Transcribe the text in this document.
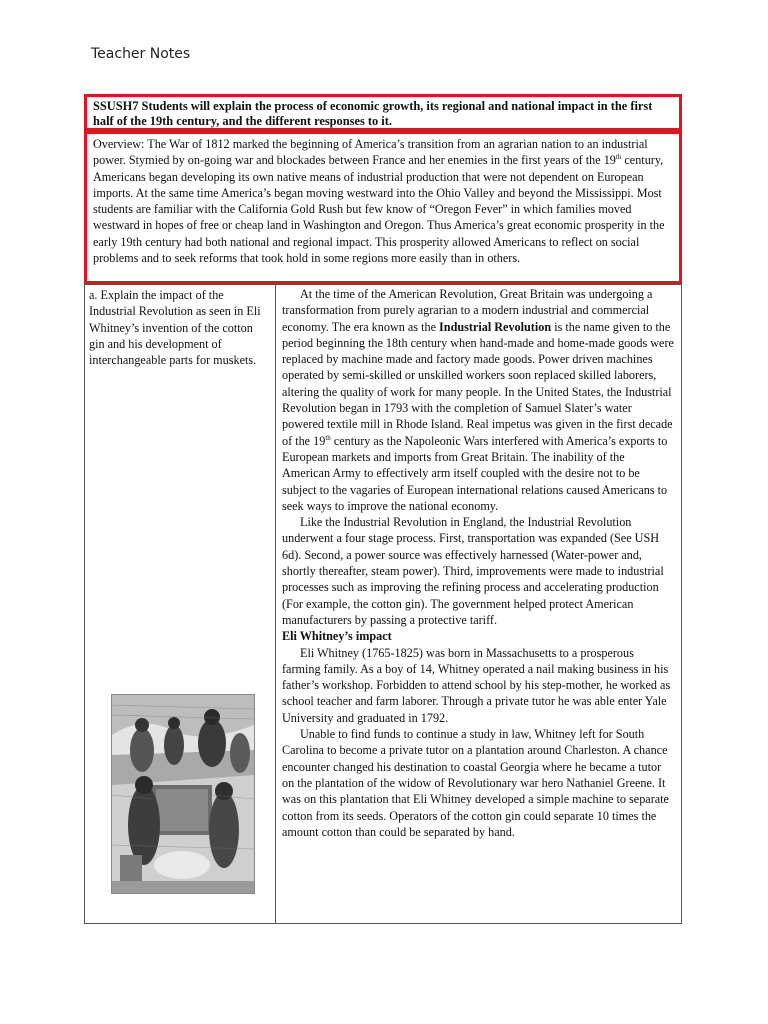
Teacher Notes
SSUSH7 Students will explain the process of economic growth, its regional and national impact in the first half of the 19th century, and the different responses to it.
Overview: The War of 1812 marked the beginning of America’s transition from an agrarian nation to an industrial power. Stymied by on-going war and blockades between France and her enemies in the first years of the 19th century, Americans began developing its own native means of industrial production that were not dependent on European imports. At the same time America’s began moving westward into the Ohio Valley and beyond the Mississippi. Most students are familiar with the California Gold Rush but few know of “Oregon Fever” in which families moved westward in hopes of free or cheap land in Washington and Oregon. Thus America’s great economic prosperity in the early 19th century had both national and regional impact. This prosperity allowed Americans to reflect on social problems and to seek reforms that took hold in some regions more easily than in others.
a. Explain the impact of the Industrial Revolution as seen in Eli Whitney’s invention of the cotton gin and his development of interchangeable parts for muskets.

At the time of the American Revolution, Great Britain was undergoing a transformation from purely agrarian to a modern industrial and commercial economy. The era known as the Industrial Revolution is the name given to the period beginning the 18th century when hand-made and home-made goods were replaced by machine made and factory made goods. Power driven machines operated by semi-skilled or unskilled workers soon replaced skilled laborers, altering the quality of work for many people. In the United States, the Industrial Revolution began in 1793 with the completion of Samuel Slater’s water powered textile mill in Rhode Island. Real impetus was given in the first decade of the 19th century as the Napoleonic Wars interfered with America’s exports to European markets and imports from Great Britain. The inability of the American Army to effectively arm itself coupled with the desire not to be subject to the vagaries of European international relations caused Americans to seek ways to improve the national economy.

Like the Industrial Revolution in England, the Industrial Revolution underwent a four stage process. First, transportation was expanded (See USH 6d). Second, a power source was effectively harnessed (Water-power and, shortly thereafter, steam power). Third, improvements were made to industrial processes such as improving the refining process and accelerating production (For example, the cotton gin). The government helped protect American manufacturers by passing a protective tariff.

Eli Whitney’s impact

Eli Whitney (1765-1825) was born in Massachusetts to a prosperous farming family. As a boy of 14, Whitney operated a nail making business in his father’s workshop. Forbidden to attend school by his step-mother, he worked as school teacher and farm laborer. Through a private tutor he was able enter Yale University and graduated in 1792.

Unable to find funds to continue a study in law, Whitney left for South Carolina to become a private tutor on a plantation around Charleston. A chance encounter changed his destination to coastal Georgia where he became a tutor on the plantation of the widow of Revolutionary war hero Nathaniel Greene. It was on this plantation that Eli Whitney developed a simple machine to separate cotton from its seeds. Operators of the cotton gin could separate 10 times the amount cotton than could be separated by hand.
